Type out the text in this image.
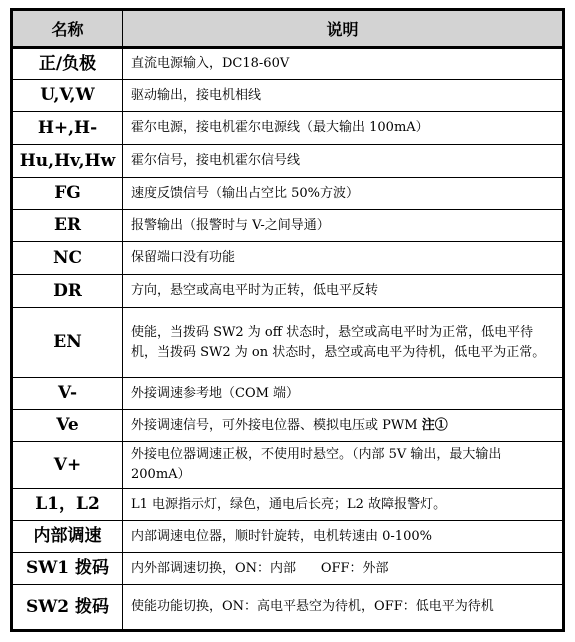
名称	说明
正/负极	直流电源输入，DC18-60V
U,V,W	驱动输出，接电机相线
H+,H-	霍尔电源，接电机霍尔电源线（最大输出 100mA）
Hu,Hv,Hw	霍尔信号，接电机霍尔信号线
FG	速度反馈信号（输出占空比 50%方波）
ER	报警输出（报警时与 V-之间导通）
NC	保留端口没有功能
DR	方向，悬空或高电平时为正转，低电平反转
EN	使能，当拨码 SW2 为 off 状态时，悬空或高电平时为正常，低电平待机，当拨码 SW2 为 on 状态时，悬空或高电平为待机，低电平为正常。
V-	外接调速参考地（COM 端）
Ve	外接调速信号，可外接电位器、模拟电压或 PWM 注①
V+	外接电位器调速正极，不使用时悬空。（内部 5V 输出，最大输出 200mA）
L1，L2	L1 电源指示灯，绿色，通电后长亮；L2 故障报警灯。
内部调速	内部调速电位器，顺时针旋转，电机转速由 0-100%
SW1 拨码	内外部调速切换，ON：内部      OFF：外部
SW2 拨码	使能功能切换，ON：高电平悬空为待机，OFF：低电平为待机
